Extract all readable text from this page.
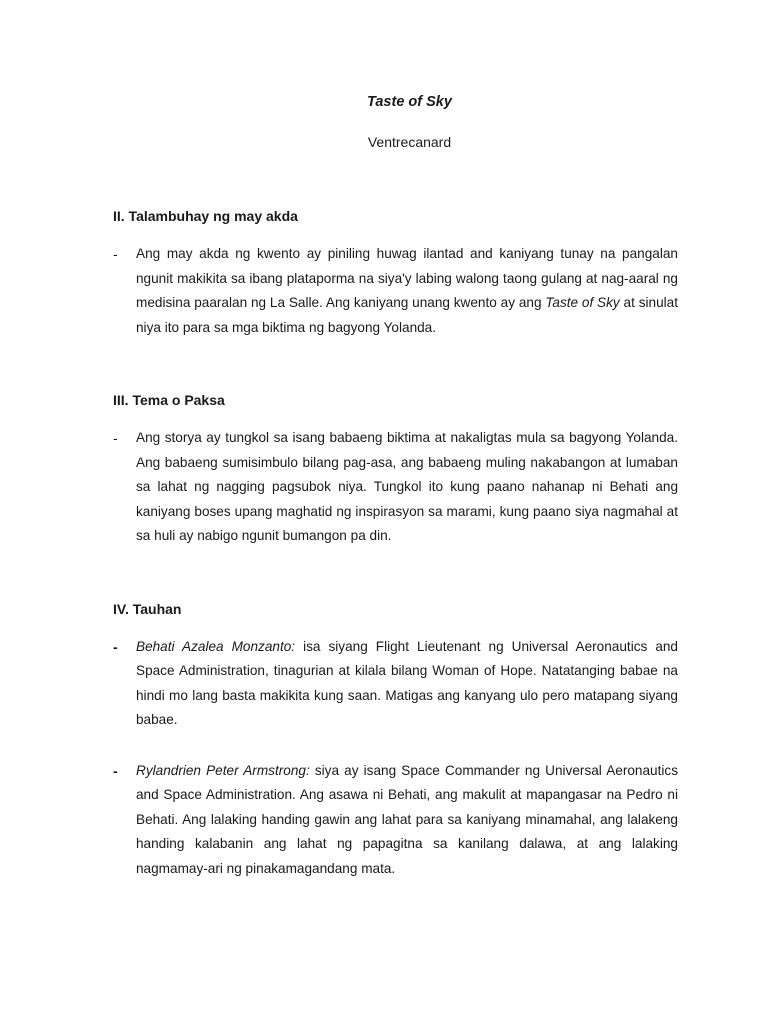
Taste of Sky
Ventrecanard
II. Talambuhay ng may akda
-	Ang may akda ng kwento ay piniling huwag ilantad and kaniyang tunay na pangalan ngunit makikita sa ibang plataporma na siya'y labing walong taong gulang at nag-aaral ng medisina paaralan ng La Salle. Ang kaniyang unang kwento ay ang Taste of Sky at sinulat niya ito para sa mga biktima ng bagyong Yolanda.

III. Tema o Paksa
-	Ang storya ay tungkol sa isang babaeng biktima at nakaligtas mula sa bagyong Yolanda. Ang babaeng sumisimbulo bilang pag-asa, ang babaeng muling nakabangon at lumaban sa lahat ng nagging pagsubok niya. Tungkol ito kung paano nahanap ni Behati ang kaniyang boses upang maghatid ng inspirasyon sa marami, kung paano siya nagmahal at sa huli ay nabigo ngunit bumangon pa din.

IV. Tauhan
-	Behati Azalea Monzanto: isa siyang Flight Lieutenant ng Universal Aeronautics and Space Administration, tinagurian at kilala bilang Woman of Hope. Natatanging babae na hindi mo lang basta makikita kung saan. Matigas ang kanyang ulo pero matapang siyang babae.

-	Rylandrien Peter Armstrong: siya ay isang Space Commander ng Universal Aeronautics and Space Administration. Ang asawa ni Behati, ang makulit at mapangasar na Pedro ni Behati. Ang lalaking handing gawin ang lahat para sa kaniyang minamahal, ang lalakeng handing kalabanin ang lahat ng papagitna sa kanilang dalawa, at ang lalaking nagmamay-ari ng pinakamagandang mata.
